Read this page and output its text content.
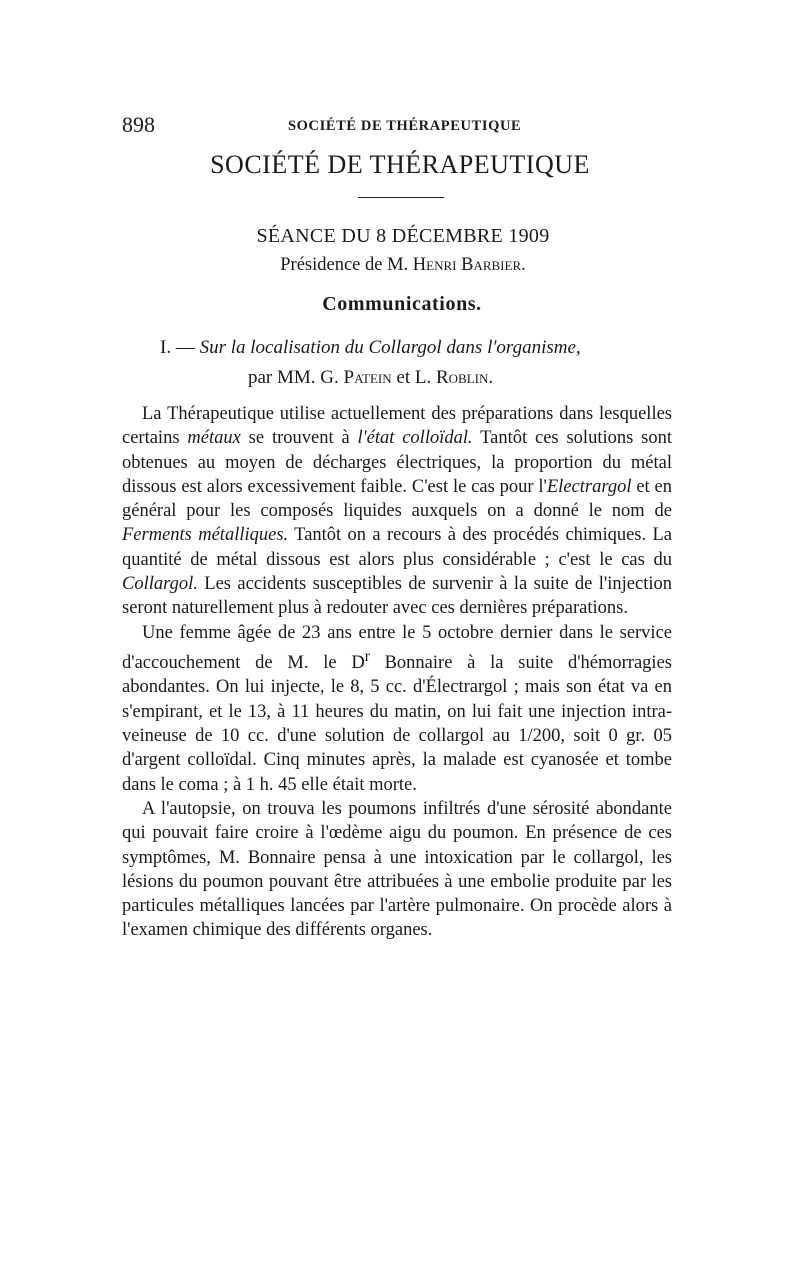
898	SOCIÉTÉ DE THÉRAPEUTIQUE
SOCIÉTÉ DE THÉRAPEUTIQUE
SÉANCE DU 8 DÉCEMBRE 1909
Présidence de M. Henri Barbier.
Communications.
I. — Sur la localisation du Collargol dans l'organisme,
par MM. G. Patein et L. Roblin.

La Thérapeutique utilise actuellement des préparations dans lesquelles certains métaux se trouvent à l'état colloïdal. Tantôt ces solutions sont obtenues au moyen de décharges électriques, la proportion du métal dissous est alors excessivement faible. C'est le cas pour l'Electrargol et en général pour les composés liquides auxquels on a donné le nom de Ferments métalliques. Tantôt on a recours à des procédés chimiques. La quantité de métal dissous est alors plus considérable ; c'est le cas du Collargol. Les accidents susceptibles de survenir à la suite de l'injection seront naturellement plus à redouter avec ces dernières préparations.

Une femme âgée de 23 ans entre le 5 octobre dernier dans le service d'accouchement de M. le $D^r$ Bonnaire à la suite d'hémorragies abondantes. On lui injecte, le 8, 5 cc. d'Électrargol ; mais son état va en s'empirant, et le 13, à 11 heures du matin, on lui fait une injection intra-veineuse de 10 cc. d'une solution de collargol au 1/200, soit 0 gr. 05 d'argent colloïdal. Cinq minutes après, la malade est cyanosée et tombe dans le coma ; à 1 h. 45 elle était morte.

A l'autopsie, on trouva les poumons infiltrés d'une sérosité abondante qui pouvait faire croire à l'œdème aigu du poumon. En présence de ces symptômes, M. Bonnaire pensa à une intoxication par le collargol, les lésions du poumon pouvant être attribuées à une embolie produite par les particules métalliques lancées par l'artère pulmonaire. On procède alors à l'examen chimique des différents organes.
